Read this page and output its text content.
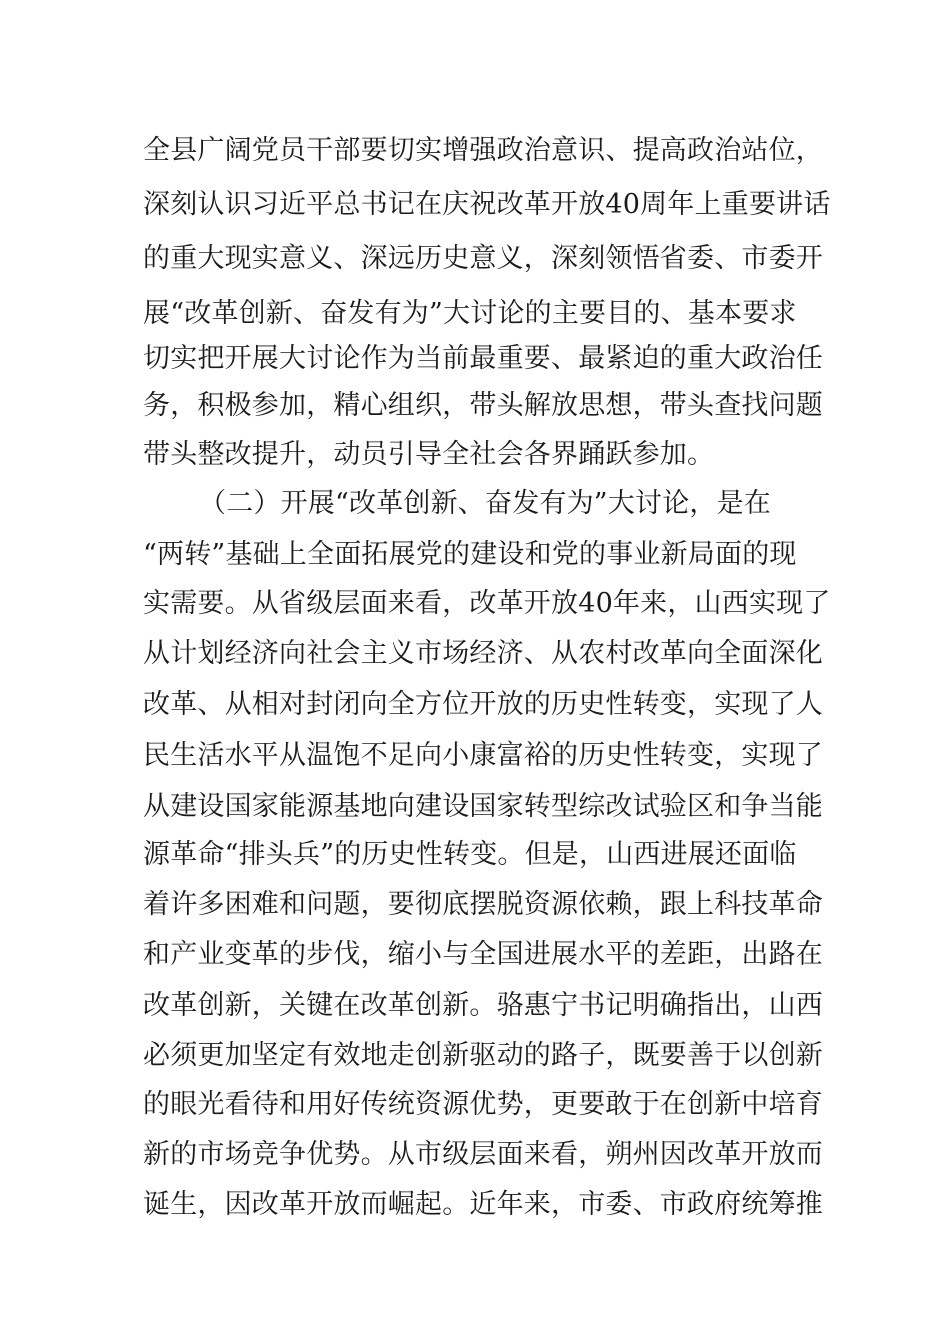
全县广阔党员干部要切实增强政治意识、提高政治站位，
深刻认识习近平总书记在庆祝改革开放40周年上重要讲话
的重大现实意义、深远历史意义，深刻领悟省委、市委开
展“改革创新、奋发有为”大讨论的主要目的、基本要求
切实把开展大讨论作为当前最重要、最紧迫的重大政治任
务，积极参加，精心组织，带头解放思想，带头查找问题
带头整改提升，动员引导全社会各界踊跃参加。
（二）开展“改革创新、奋发有为”大讨论，是在
“两转”基础上全面拓展党的建设和党的事业新局面的现
实需要。从省级层面来看，改革开放40年来，山西实现了
从计划经济向社会主义市场经济、从农村改革向全面深化
改革、从相对封闭向全方位开放的历史性转变，实现了人
民生活水平从温饱不足向小康富裕的历史性转变，实现了
从建设国家能源基地向建设国家转型综改试验区和争当能
源革命“排头兵”的历史性转变。但是，山西进展还面临
着许多困难和问题，要彻底摆脱资源依赖，跟上科技革命
和产业变革的步伐，缩小与全国进展水平的差距，出路在
改革创新，关键在改革创新。骆惠宁书记明确指出，山西
必须更加坚定有效地走创新驱动的路子，既要善于以创新
的眼光看待和用好传统资源优势，更要敢于在创新中培育
新的市场竞争优势。从市级层面来看，朔州因改革开放而
诞生，因改革开放而崛起。近年来，市委、市政府统筹推
